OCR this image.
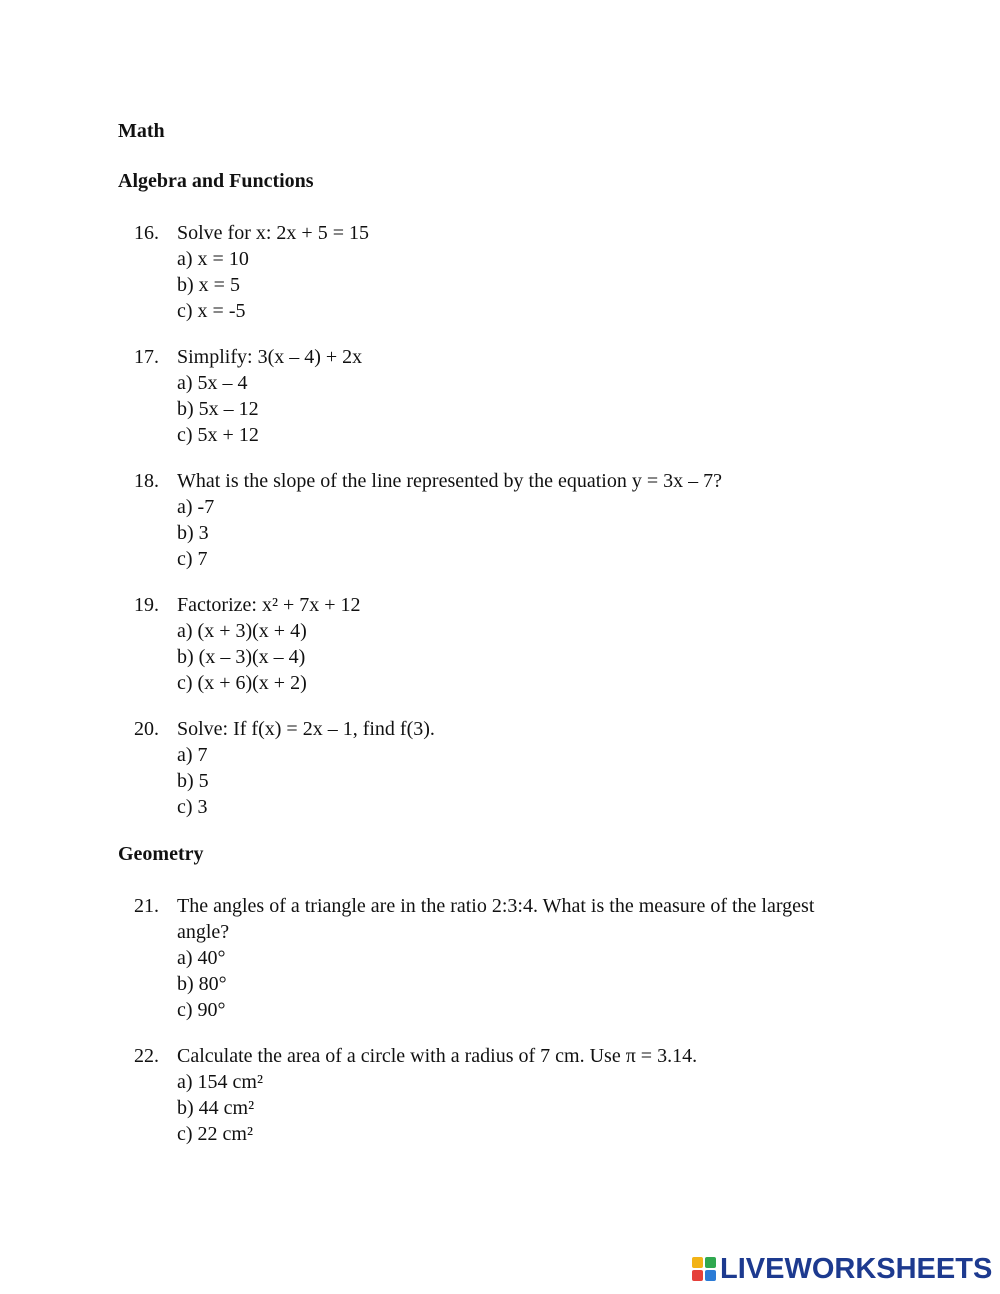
Math
Algebra and Functions
16. Solve for x: 2x + 5 = 15
a) x = 10
b) x = 5
c) x = -5
17. Simplify: 3(x – 4) + 2x
a) 5x – 4
b) 5x – 12
c) 5x + 12
18. What is the slope of the line represented by the equation y = 3x – 7?
a) -7
b) 3
c) 7
19. Factorize: x² + 7x + 12
a) (x + 3)(x + 4)
b) (x – 3)(x – 4)
c) (x + 6)(x + 2)
20. Solve: If f(x) = 2x – 1, find f(3).
a) 7
b) 5
c) 3
Geometry
21. The angles of a triangle are in the ratio 2:3:4. What is the measure of the largest angle?
a) 40°
b) 80°
c) 90°
22. Calculate the area of a circle with a radius of 7 cm. Use π = 3.14.
a) 154 cm²
b) 44 cm²
c) 22 cm²
LIVEWORKSHEETS
